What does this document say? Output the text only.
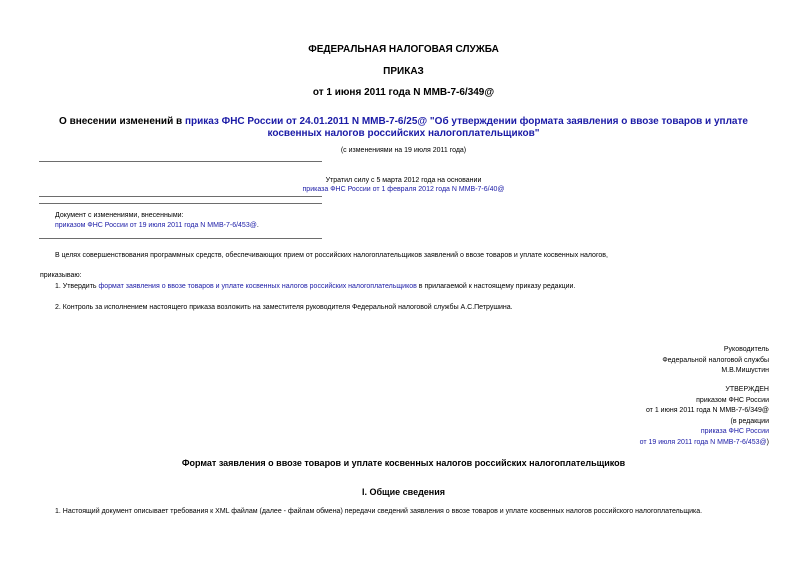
ФЕДЕРАЛЬНАЯ НАЛОГОВАЯ СЛУЖБА
ПРИКАЗ
от 1 июня 2011 года N ММВ-7-6/349@
О внесении изменений в приказ ФНС России от 24.01.2011 N ММВ-7-6/25@ "Об утверждении формата заявления о ввозе товаров и уплате косвенных налогов российских налогоплательщиков"
(с изменениями на 19 июля 2011 года)
Утратил силу с 5 марта 2012 года на основании
приказа ФНС России от 1 февраля 2012 года N ММВ-7-6/40@
Документ с изменениями, внесенными:
приказом ФНС России от 19 июля 2011 года N ММВ-7-6/453@.
В целях совершенствования программных средств, обеспечивающих прием от российских налогоплательщиков заявлений о ввозе товаров и уплате косвенных налогов,
приказываю:
1. Утвердить формат заявления о ввозе товаров и уплате косвенных налогов российских налогоплательщиков в прилагаемой к настоящему приказу редакции.
2. Контроль за исполнением настоящего приказа возложить на заместителя руководителя Федеральной налоговой службы А.С.Петрушина.
Руководитель
Федеральной налоговой службы
М.В.Мишустин
УТВЕРЖДЕН
приказом ФНС России
от 1 июня 2011 года N ММВ-7-6/349@
(в редакции
приказа ФНС России
от 19 июля 2011 года N ММВ-7-6/453@)
Формат заявления о ввозе товаров и уплате косвенных налогов российских налогоплательщиков
I. Общие сведения
1. Настоящий документ описывает требования к XML файлам (далее - файлам обмена) передачи сведений заявления о ввозе товаров и уплате косвенных налогов российского налогоплательщика.
